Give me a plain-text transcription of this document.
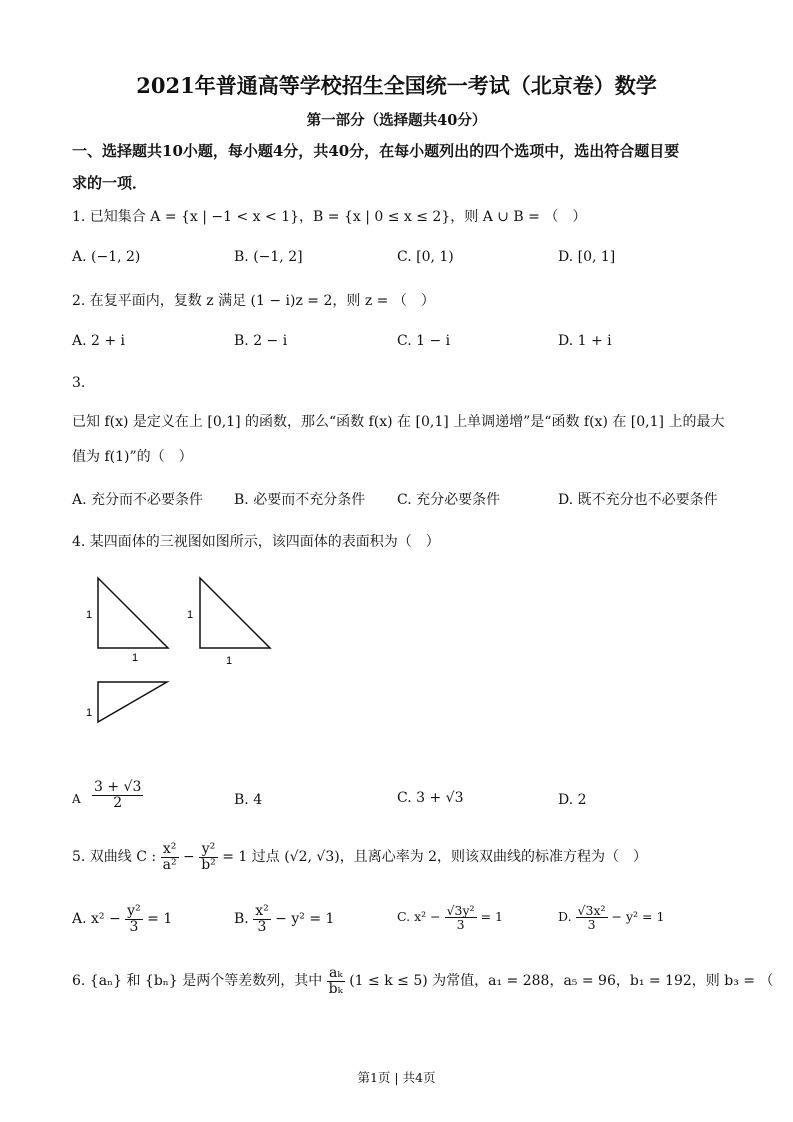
2021年普通高等学校招生全国统一考试（北京卷）数学
第一部分（选择题共40分）
一、选择题共10小题，每小题4分，共40分，在每小题列出的四个选项中，选出符合题目要
求的一项．
1. 已知集合 A = {x | −1 < x < 1}，B = {x | 0 ≤ x ≤ 2}，则 A ∪ B = （　）
A. (−1, 2)	B. (−1, 2]	C. [0, 1)	D. [0, 1]
2. 在复平面内，复数 z 满足 (1 − i)z = 2，则 z = （　）
A. 2 + i	B. 2 − i	C. 1 − i	D. 1 + i
3.
已知 f(x) 是定义在上 [0,1] 的函数，那么“函数 f(x) 在 [0,1] 上单调递增”是“函数 f(x) 在 [0,1] 上的最大
值为 f(1)”的（　）
A. 充分而不必要条件 B. 必要而不充分条件 C. 充分必要条件	D. 既不充分也不必要条件
4. 某四面体的三视图如图所示，该四面体的表面积为（　）
1
1
1
1
1
A $\frac{3 + √3}{2}$	B. 4	C. 3 + √3	D. 2
5. 双曲线 C : $\frac{\text{x²}}{\text{a²}} - \frac{\text{y²}}{\text{b²}} = 1$ 过点 (√2, √3)，且离心率为 2，则该双曲线的标准方程为（　）
A. $x^2 - \frac{\text{y²}}{3} = 1$	B. $\frac{\text{x²}}{3} - y^2 = 1$	C. $x^2 - \frac{\text{√3y²}}{3} = 1$	D. $\frac{\text{√3x²}}{3} - y^2 = 1$
6. {aₙ} 和 {bₙ} 是两个等差数列，其中 $\frac{\text{aₖ}}{\text{bₖ}} (1 \le k \le 5)$ 为常值，a₁ = 288，a₅ = 96，b₁ = 192，则 b₃ = （
第1页 | 共4页
